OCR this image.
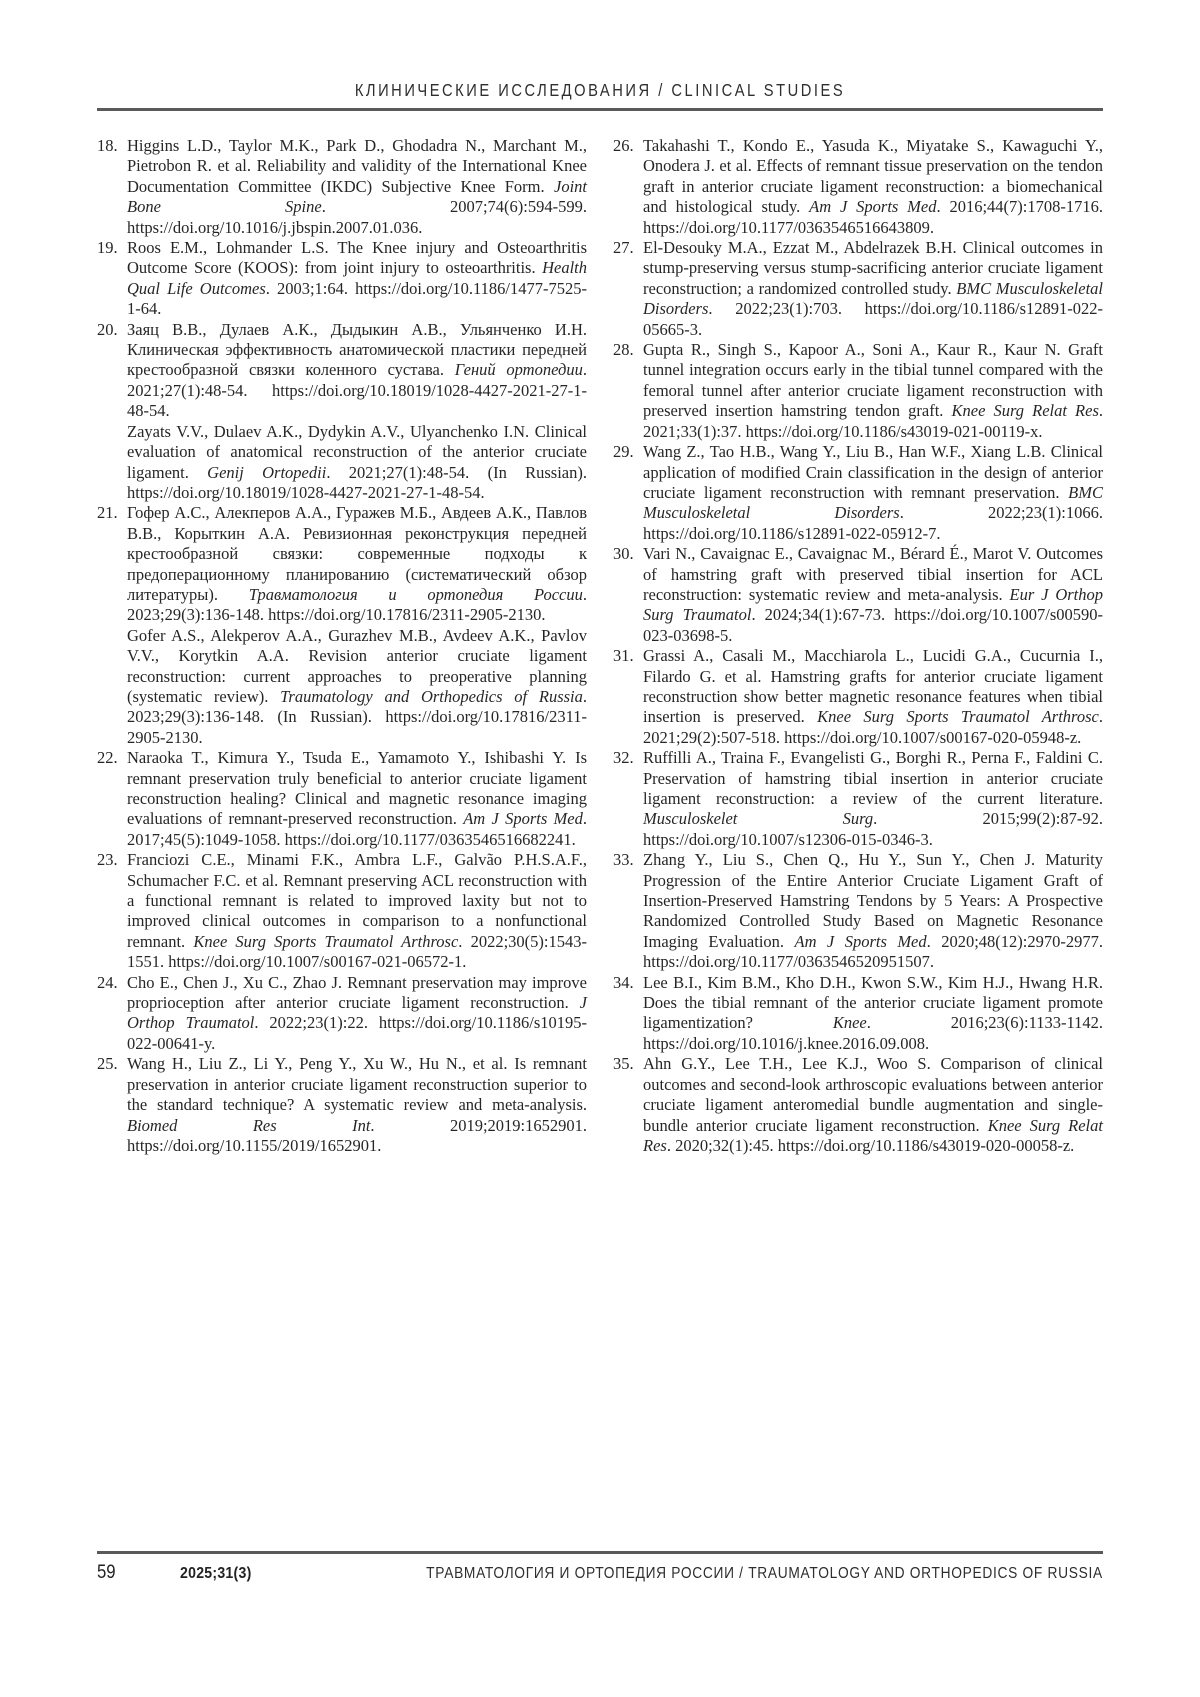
КЛИНИЧЕСКИЕ ИССЛЕДОВАНИЯ / CLINICAL STUDIES
18. Higgins L.D., Taylor M.K., Park D., Ghodadra N., Marchant M., Pietrobon R. et al. Reliability and validity of the International Knee Documentation Committee (IKDC) Subjective Knee Form. Joint Bone Spine. 2007;74(6):594-599. https://doi.org/10.1016/j.jbspin.2007.01.036.

19. Roos E.M., Lohmander L.S. The Knee injury and Osteoarthritis Outcome Score (KOOS): from joint injury to osteoarthritis. Health Qual Life Outcomes. 2003;1:64. https://doi.org/10.1186/1477-7525-1-64.

20. Заяц В.В., Дулаев А.К., Дыдыкин А.В., Ульянченко И.Н. Клиническая эффективность анатомической пластики передней крестообразной связки коленного сустава. Гений ортопедии. 2021;27(1):48-54. https://doi.org/10.18019/1028-4427-2021-27-1-48-54.

Zayats V.V., Dulaev A.K., Dydykin A.V., Ulyanchenko I.N. Clinical evaluation of anatomical reconstruction of the anterior cruciate ligament. Genij Ortopedii. 2021;27(1):48-54. (In Russian). https://doi.org/10.18019/1028-4427-2021-27-1-48-54.

21. Гофер А.С., Алекперов А.А., Гуражев М.Б., Авдеев А.К., Павлов В.В., Корыткин А.А. Ревизионная реконструкция передней крестообразной связки: современные подходы к предоперационному планированию (систематический обзор литературы). Травматология и ортопедия России. 2023;29(3):136-148. https://doi.org/10.17816/2311-2905-2130.

Gofer A.S., Alekperov A.A., Gurazhev M.B., Avdeev A.K., Pavlov V.V., Korytkin A.A. Revision anterior cruciate ligament reconstruction: current approaches to preoperative planning (systematic review). Traumatology and Orthopedics of Russia. 2023;29(3):136-148. (In Russian). https://doi.org/10.17816/2311-2905-2130.

22. Naraoka T., Kimura Y., Tsuda E., Yamamoto Y., Ishibashi Y. Is remnant preservation truly beneficial to anterior cruciate ligament reconstruction healing? Clinical and magnetic resonance imaging evaluations of remnant-preserved reconstruction. Am J Sports Med. 2017;45(5):1049-1058. https://doi.org/10.1177/0363546516682241.

23. Franciozi C.E., Minami F.K., Ambra L.F., Galvão P.H.S.A.F., Schumacher F.C. et al. Remnant preserving ACL reconstruction with a functional remnant is related to improved laxity but not to improved clinical outcomes in comparison to a nonfunctional remnant. Knee Surg Sports Traumatol Arthrosc. 2022;30(5):1543-1551. https://doi.org/10.1007/s00167-021-06572-1.

24. Cho E., Chen J., Xu C., Zhao J. Remnant preservation may improve proprioception after anterior cruciate ligament reconstruction. J Orthop Traumatol. 2022;23(1):22. https://doi.org/10.1186/s10195-022-00641-y.

25. Wang H., Liu Z., Li Y., Peng Y., Xu W., Hu N., et al. Is remnant preservation in anterior cruciate ligament reconstruction superior to the standard technique? A systematic review and meta-analysis. Biomed Res Int. 2019;2019:1652901. https://doi.org/10.1155/2019/1652901.

26. Takahashi T., Kondo E., Yasuda K., Miyatake S., Kawaguchi Y., Onodera J. et al. Effects of remnant tissue preservation on the tendon graft in anterior cruciate ligament reconstruction: a biomechanical and histological study. Am J Sports Med. 2016;44(7):1708-1716. https://doi.org/10.1177/0363546516643809.

27. El-Desouky M.A., Ezzat M., Abdelrazek B.H. Clinical outcomes in stump-preserving versus stump-sacrificing anterior cruciate ligament reconstruction; a randomized controlled study. BMC Musculoskeletal Disorders. 2022;23(1):703. https://doi.org/10.1186/s12891-022-05665-3.

28. Gupta R., Singh S., Kapoor A., Soni A., Kaur R., Kaur N. Graft tunnel integration occurs early in the tibial tunnel compared with the femoral tunnel after anterior cruciate ligament reconstruction with preserved insertion hamstring tendon graft. Knee Surg Relat Res. 2021;33(1):37. https://doi.org/10.1186/s43019-021-00119-x.

29. Wang Z., Tao H.B., Wang Y., Liu B., Han W.F., Xiang L.B. Clinical application of modified Crain classification in the design of anterior cruciate ligament reconstruction with remnant preservation. BMC Musculoskeletal Disorders. 2022;23(1):1066. https://doi.org/10.1186/s12891-022-05912-7.

30. Vari N., Cavaignac E., Cavaignac M., Bérard É., Marot V. Outcomes of hamstring graft with preserved tibial insertion for ACL reconstruction: systematic review and meta-analysis. Eur J Orthop Surg Traumatol. 2024;34(1):67-73. https://doi.org/10.1007/s00590-023-03698-5.

31. Grassi A., Casali M., Macchiarola L., Lucidi G.A., Cucurnia I., Filardo G. et al. Hamstring grafts for anterior cruciate ligament reconstruction show better magnetic resonance features when tibial insertion is preserved. Knee Surg Sports Traumatol Arthrosc. 2021;29(2):507-518. https://doi.org/10.1007/s00167-020-05948-z.

32. Ruffilli A., Traina F., Evangelisti G., Borghi R., Perna F., Faldini C. Preservation of hamstring tibial insertion in anterior cruciate ligament reconstruction: a review of the current literature. Musculoskelet Surg. 2015;99(2):87-92. https://doi.org/10.1007/s12306-015-0346-3.

33. Zhang Y., Liu S., Chen Q., Hu Y., Sun Y., Chen J. Maturity Progression of the Entire Anterior Cruciate Ligament Graft of Insertion-Preserved Hamstring Tendons by 5 Years: A Prospective Randomized Controlled Study Based on Magnetic Resonance Imaging Evaluation. Am J Sports Med. 2020;48(12):2970-2977. https://doi.org/10.1177/0363546520951507.

34. Lee B.I., Kim B.M., Kho D.H., Kwon S.W., Kim H.J., Hwang H.R. Does the tibial remnant of the anterior cruciate ligament promote ligamentization? Knee. 2016;23(6):1133-1142. https://doi.org/10.1016/j.knee.2016.09.008.

35. Ahn G.Y., Lee T.H., Lee K.J., Woo S. Comparison of clinical outcomes and second-look arthroscopic evaluations between anterior cruciate ligament anteromedial bundle augmentation and single-bundle anterior cruciate ligament reconstruction. Knee Surg Relat Res. 2020;32(1):45. https://doi.org/10.1186/s43019-020-00058-z.

59	2025;31(3)	ТРАВМАТОЛОГИЯ И ОРТОПЕДИЯ РОССИИ / TRAUMATOLOGY AND ORTHOPEDICS OF RUSSIA
